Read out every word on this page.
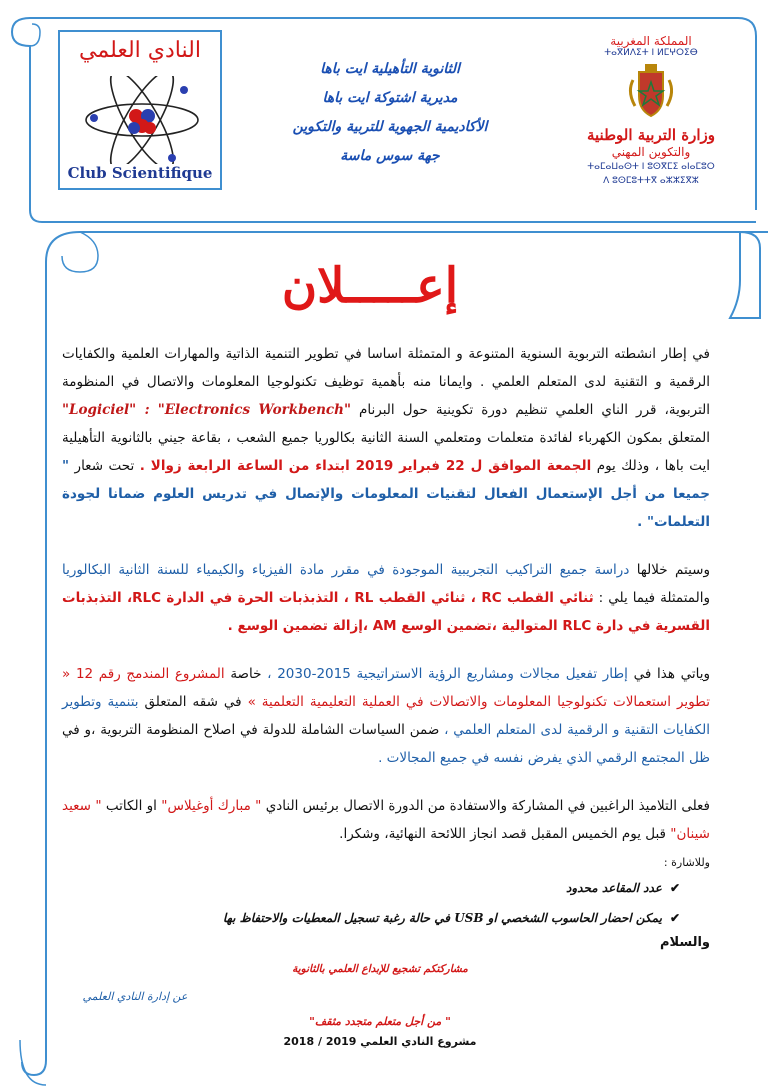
النادي العلمي
Club Scientifique
الثانوية التأهيلية ايت باها
مديرية اشتوكة ايت باها
الأكاديمية الجهوية للتربية والتكوين
جهة سوس ماسة
المملكة المغربية
ⵜⴰⴳⵍⴷⵉⵜ ⵏ ⵍⵎⵖⵔⵉⴱ
وزارة التربية الوطنية
والتكوين المهني
ⵜⴰⵎⴰⵡⴰⵙⵜ ⵏ ⵓⵙⴳⵎⵉ ⴰⵏⴰⵎⵓⵔ
ⴷ ⵓⵙⵎⵓⵜⵜⴳ ⴰⵣⵣⵉⴳⵣ
إعـــــلان

في إطار انشطته التربوية السنوية المتنوعة و المتمثلة اساسا في تطوير التنمية الذاتية والمهارات العلمية والكفايات الرقمية و التقنية لدى المتعلم العلمي . وايمانا منه بأهمية توظيف تكنولوجيا المعلومات والاتصال في المنظومة التربوية، قرر الناي العلمي تنظيم دورة تكوينية حول البرنام "Logiciel" : "Electronics Workbench" المتعلق بمكون الكهرباء لفائدة متعلمات ومتعلمي السنة الثانية بكالوريا جميع الشعب ، بقاعة جيني بالثانوية التأهيلية ايت باها ، وذلك يوم الجمعة الموافق ل 22 فبراير 2019 ابتداء من الساعة الرابعة زوالا . تحت شعار " جميعا من أجل الإستعمال الفعال لتقنيات المعلومات والإتصال في تدريس العلوم ضمانا لجودة التعلمات" .

وسيتم خلالها دراسة جميع التراكيب التجريبية الموجودة في مقرر مادة الفيزياء والكيمياء للسنة الثانية البكالوريا والمتمثلة فيما يلي : ثنائي القطب RC ، ثنائي القطب RL ، التذبذبات الحرة في الدارة RLC، التذبذبات القسرية في دارة RLC المتوالية ،تضمين الوسع AM ،إزالة تضمين الوسع .

وياتي هذا في إطار تفعيل مجالات ومشاريع الرؤية الاستراتيجية 2015-2030 ، خاصة المشروع المندمج رقم 12 « تطوير استعمالات تكنولوجيا المعلومات والاتصالات في العملية التعليمية التعلمية » في شقه المتعلق بتنمية وتطوير الكفايات التقنية و الرقمية لدى المتعلم العلمي ، ضمن السياسات الشاملة للدولة في اصلاح المنظومة التربوية ،و في ظل المجتمع الرقمي الذي يفرض نفسه في جميع المجالات .

فعلى التلاميذ الراغبين في المشاركة والاستفادة من الدورة الاتصال برئيس النادي " مبارك أوغيلاس" او الكاتب " سعيد شينان" قبل يوم الخميس المقبل قصد انجاز اللائحة النهائية، وشكرا.

وللاشارة :
✔عدد المقاعد محدود
✔يمكن احضار الحاسوب الشخصي او USB في حالة رغبة تسجيل المعطيات والاحتفاظ بها
والسلام
مشاركتكم تشجيع للإبداع العلمي بالثانوية
عن إدارة النادي العلمي
" من أجل متعلم متجدد مثقف"
مشروع النادي العلمي 2019 / 2018
